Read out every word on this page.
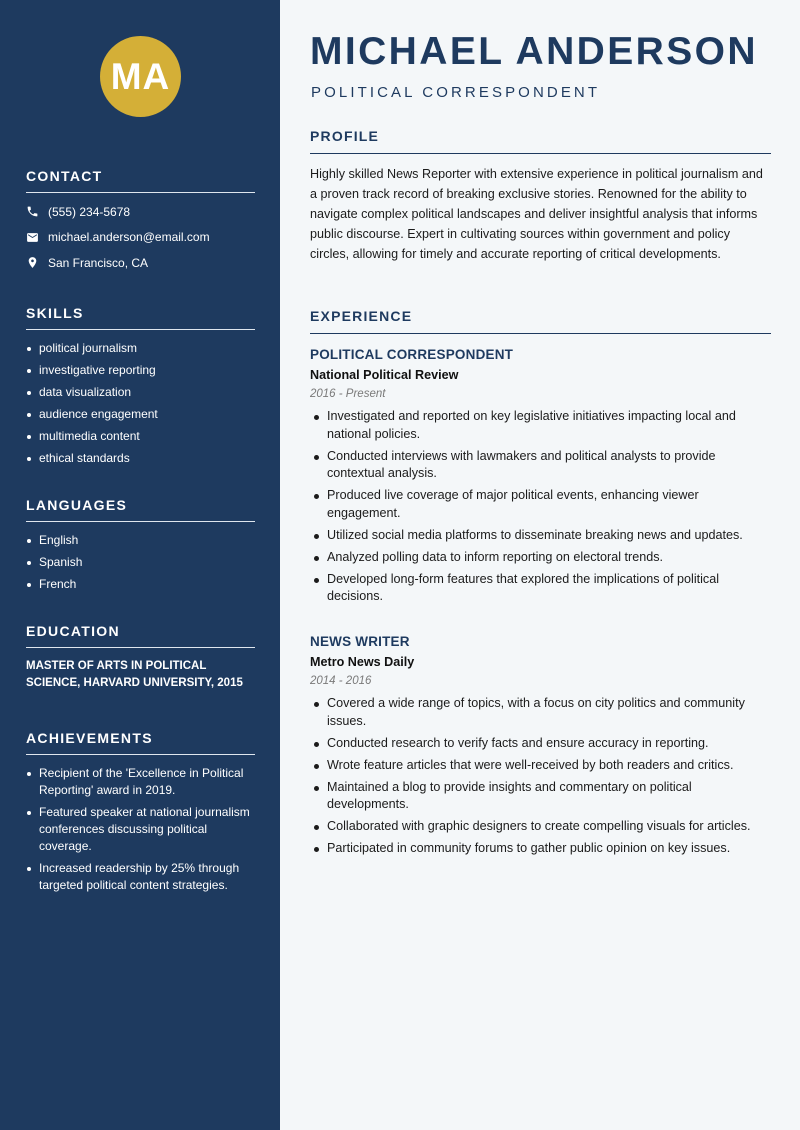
MA
CONTACT
(555) 234-5678
michael.anderson@email.com
San Francisco, CA
SKILLS
political journalism
investigative reporting
data visualization
audience engagement
multimedia content
ethical standards
LANGUAGES
English
Spanish
French
EDUCATION
MASTER OF ARTS IN POLITICAL SCIENCE, HARVARD UNIVERSITY, 2015
ACHIEVEMENTS
Recipient of the 'Excellence in Political Reporting' award in 2019.
Featured speaker at national journalism conferences discussing political coverage.
Increased readership by 25% through targeted political content strategies.
MICHAEL ANDERSON
POLITICAL CORRESPONDENT
PROFILE

Highly skilled News Reporter with extensive experience in political journalism and a proven track record of breaking exclusive stories. Renowned for the ability to navigate complex political landscapes and deliver insightful analysis that informs public discourse. Expert in cultivating sources within government and policy circles, allowing for timely and accurate reporting of critical developments.

EXPERIENCE
POLITICAL CORRESPONDENT
National Political Review
2016 - Present
Investigated and reported on key legislative initiatives impacting local and national policies.
Conducted interviews with lawmakers and political analysts to provide contextual analysis.
Produced live coverage of major political events, enhancing viewer engagement.
Utilized social media platforms to disseminate breaking news and updates.
Analyzed polling data to inform reporting on electoral trends.
Developed long-form features that explored the implications of political decisions.
NEWS WRITER
Metro News Daily
2014 - 2016
Covered a wide range of topics, with a focus on city politics and community issues.
Conducted research to verify facts and ensure accuracy in reporting.
Wrote feature articles that were well-received by both readers and critics.
Maintained a blog to provide insights and commentary on political developments.
Collaborated with graphic designers to create compelling visuals for articles.
Participated in community forums to gather public opinion on key issues.
